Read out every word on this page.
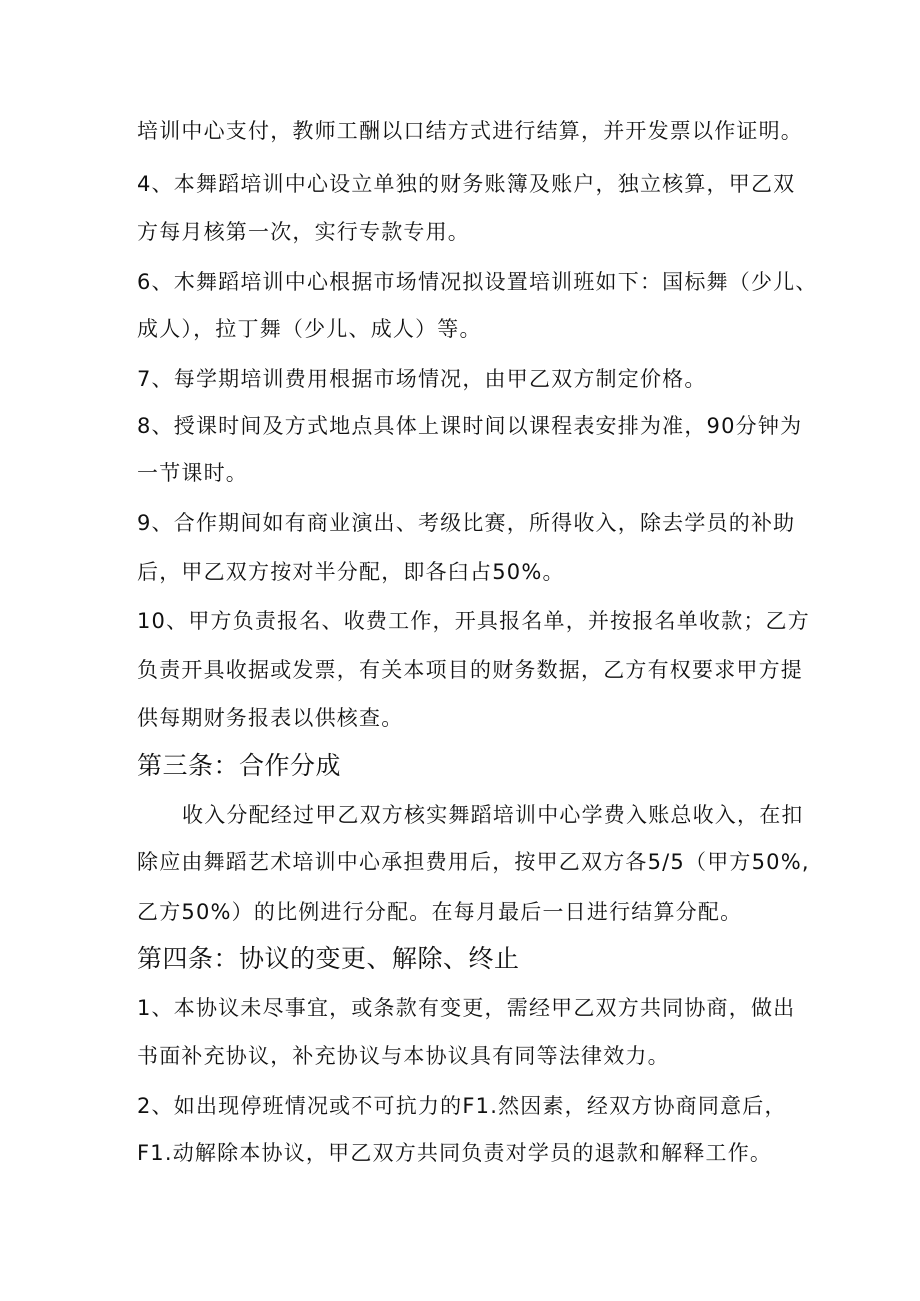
培训中心支付，教师工酬以口结方式进行结算，并开发票以作证明。
4、本舞蹈培训中心设立单独的财务账簿及账户，独立核算，甲乙双
方每月核第一次，实行专款专用。
6、木舞蹈培训中心根据市场情况拟设置培训班如下：国标舞（少儿、
成人），拉丁舞（少儿、成人）等。
7、每学期培训费用根据市场情况，由甲乙双方制定价格。
8、授课时间及方式地点具体上课时间以课程表安排为准，90分钟为
一节课时。
9、合作期间如有商业演出、考级比赛，所得收入，除去学员的补助
后，甲乙双方按对半分配，即各臼占50%。
10、甲方负责报名、收费工作，开具报名单，并按报名单收款；乙方
负责开具收据或发票，有关本项目的财务数据，乙方有权要求甲方提
供每期财务报表以供核查。
第三条：合作分成
收入分配经过甲乙双方核实舞蹈培训中心学费入账总收入，在扣
除应由舞蹈艺术培训中心承担费用后，按甲乙双方各5/5（甲方50%,
乙方50%）的比例进行分配。在每月最后一日进行结算分配。
第四条：协议的变更、解除、终止
1、本协议未尽事宜，或条款有变更，需经甲乙双方共同协商，做出
书面补充协议，补充协议与本协议具有同等法律效力。
2、如出现停班情况或不可抗力的F1.然因素，经双方协商同意后，
F1.动解除本协议，甲乙双方共同负责对学员的退款和解释工作。
